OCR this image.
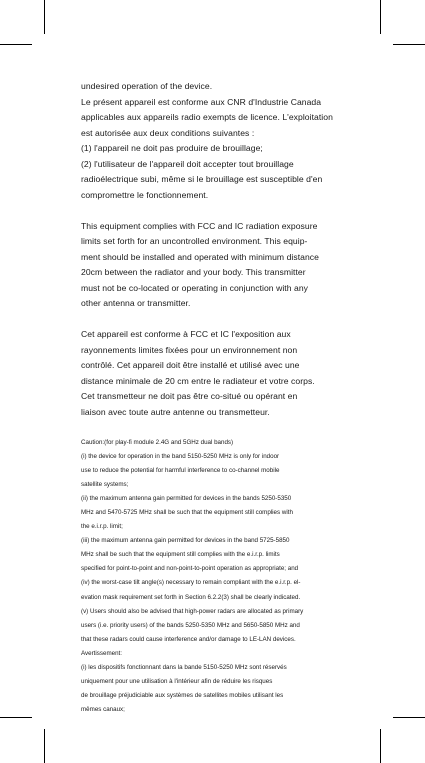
undesired operation of the device.

Le présent appareil est conforme aux CNR d'Industrie Canada

applicables aux appareils radio exempts de licence. L'exploitation

est autorisée aux deux conditions suivantes :

(1) l'appareil ne doit pas produire de brouillage;

(2) l'utilisateur de l'appareil doit accepter tout brouillage

radioélectrique subi, même si le brouillage est susceptible d'en

compromettre le fonctionnement.

This equipment complies with FCC and IC radiation exposure

limits set forth for an uncontrolled environment. This equip-

ment should be installed and operated with minimum distance

20cm between the radiator and your body. This transmitter

must not be co-located or operating in conjunction with any

other antenna or transmitter.

Cet appareil est conforme à FCC et IC l'exposition aux

rayonnements limites fixées pour un environnement non

contrôlé. Cet appareil doit être installé et utilisé avec une

distance minimale de 20 cm entre le radiateur et votre corps.

Cet transmetteur ne doit pas être co-situé ou opérant en

liaison avec toute autre antenne ou transmetteur.

Caution:(for play-fi module 2.4G and 5GHz dual bands)

(i) the device for operation in the band 5150-5250 MHz is only for indoor

use to reduce the potential for harmful interference to co-channel mobile

satellite systems;

(ii) the maximum antenna gain permitted for devices in the bands 5250-5350

MHz and 5470-5725 MHz shall be such that the equipment still complies with

the e.i.r.p. limit;

(iii) the maximum antenna gain permitted for devices in the band 5725-5850

MHz shall be such that the equipment still complies with the e.i.r.p. limits

specified for point-to-point and non-point-to-point operation as appropriate; and

(iv) the worst-case tilt angle(s) necessary to remain compliant with the e.i.r.p. el-

evation mask requirement set forth in Section 6.2.2(3) shall be clearly indicated.

(v) Users should also be advised that high-power radars are allocated as primary

users (i.e. priority users) of the bands 5250-5350 MHz and 5650-5850 MHz and

that these radars could cause interference and/or damage to LE-LAN devices.

Avertissement:

(i) les dispositifs fonctionnant dans la bande 5150-5250 MHz sont réservés

uniquement pour une utilisation à l'intérieur afin de réduire les risques

de brouillage préjudiciable aux systèmes de satellites mobiles utilisant les

mêmes canaux;
